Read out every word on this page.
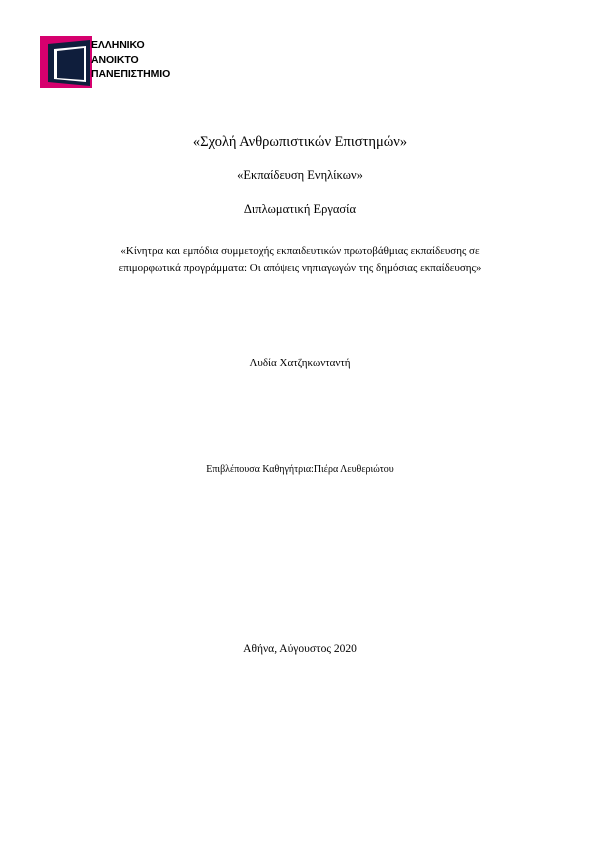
ΕΛΛΗΝΙΚΟ
ΑΝΟΙΚΤΟ
ΠΑΝΕΠΙΣΤΗΜΙΟ
«Σχολή Ανθρωπιστικών Επιστημών»
«Εκπαίδευση Ενηλίκων»
Διπλωματική Εργασία
«Κίνητρα και εμπόδια συμμετοχής εκπαιδευτικών πρωτοβάθμιας εκπαίδευσης σε
επιμορφωτικά προγράμματα: Οι απόψεις νηπιαγωγών της δημόσιας εκπαίδευσης»
Λυδία Χατζηκωνταντή
Επιβλέπουσα Καθηγήτρια:Πιέρα Λευθεριώτου
Αθήνα, Αύγουστος 2020
